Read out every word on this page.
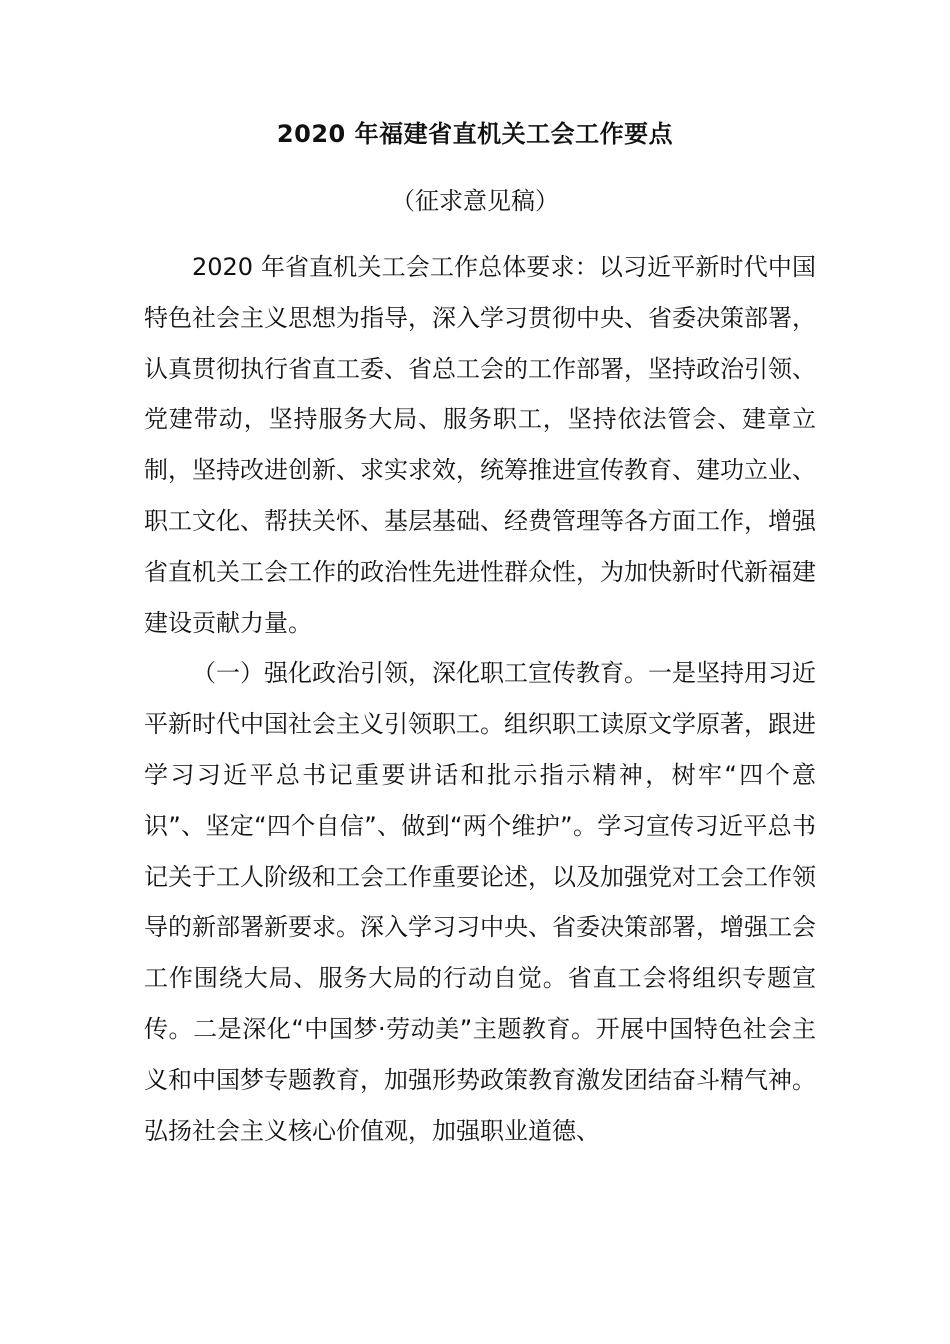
2020 年福建省直机关工会工作要点
（征求意见稿）

2020 年省直机关工会工作总体要求：以习近平新时代中国特色社会主义思想为指导，深入学习贯彻中央、省委决策部署，认真贯彻执行省直工委、省总工会的工作部署，坚持政治引领、党建带动，坚持服务大局、服务职工，坚持依法管会、建章立制，坚持改进创新、求实求效，统筹推进宣传教育、建功立业、职工文化、帮扶关怀、基层基础、经费管理等各方面工作，增强省直机关工会工作的政治性先进性群众性，为加快新时代新福建建设贡献力量。

（一）强化政治引领，深化职工宣传教育。一是坚持用习近平新时代中国社会主义引领职工。组织职工读原文学原著，跟进学习习近平总书记重要讲话和批示指示精神，树牢“四个意识”、坚定“四个自信”、做到“两个维护”。学习宣传习近平总书记关于工人阶级和工会工作重要论述，以及加强党对工会工作领导的新部署新要求。深入学习习中央、省委决策部署，增强工会工作围绕大局、服务大局的行动自觉。省直工会将组织专题宣传。二是深化“中国梦·劳动美”主题教育。开展中国特色社会主义和中国梦专题教育，加强形势政策教育激发团结奋斗精气神。弘扬社会主义核心价值观，加强职业道德、
